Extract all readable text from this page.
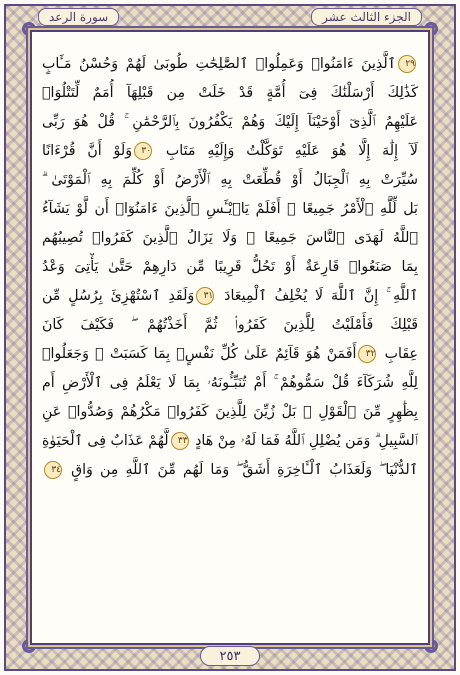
سورة الرعد	الجزء الثالث عشر
٢٩ٱلَّذِينَ ءَامَنُوا۟ وَعَمِلُوا۟ ٱلصَّٰلِحَٰتِ طُوبَىٰ لَهُمْ وَحُسْنُ مَـَٔابٍ
كَذَٰلِكَ أَرْسَلْنَٰكَ فِىٓ أُمَّةٍ قَدْ خَلَتْ مِن قَبْلِهَآ أُمَمٌ لِّتَتْلُوَا۟
عَلَيْهِمُ ٱلَّذِىٓ أَوْحَيْنَآ إِلَيْكَ وَهُمْ يَكْفُرُونَ بِٱلرَّحْمَٰنِ ۚ قُلْ هُوَ رَبِّى
لَآ إِلَٰهَ إِلَّا هُوَ عَلَيْهِ تَوَكَّلْتُ وَإِلَيْهِ مَتَابِ ٣٠وَلَوْ أَنَّ قُرْءَانًا
سُيِّرَتْ بِهِ ٱلْجِبَالُ أَوْ قُطِّعَتْ بِهِ ٱلْأَرْضُ أَوْ كُلِّمَ بِهِ ٱلْمَوْتَىٰ ۗ
بَل لِّلَّهِ ٱلْأَمْرُ جَمِيعًا ۗ أَفَلَمْ يَا۟يْـَٔسِ ٱلَّذِينَ ءَامَنُوٓا۟ أَن لَّوْ يَشَآءُ
ٱللَّهُ لَهَدَى ٱلنَّاسَ جَمِيعًا ۗ وَلَا يَزَالُ ٱلَّذِينَ كَفَرُوا۟ تُصِيبُهُم
بِمَا صَنَعُوا۟ قَارِعَةٌ أَوْ تَحُلُّ قَرِيبًا مِّن دَارِهِمْ حَتَّىٰ يَأْتِىَ وَعْدُ
ٱللَّهِ ۚ إِنَّ ٱللَّهَ لَا يُخْلِفُ ٱلْمِيعَادَ ٣١وَلَقَدِ ٱسْتُهْزِئَ بِرُسُلٍ مِّن
قَبْلِكَ فَأَمْلَيْتُ لِلَّذِينَ كَفَرُوا۟ ثُمَّ أَخَذْتُهُمْ ۖ فَكَيْفَ كَانَ
عِقَابِ ٣٢أَفَمَنْ هُوَ قَآئِمٌ عَلَىٰ كُلِّ نَفْسٍۭ بِمَا كَسَبَتْ ۗ وَجَعَلُوا۟
لِلَّهِ شُرَكَآءَ قُلْ سَمُّوهُمْ ۚ أَمْ تُنَبِّـُٔونَهُۥ بِمَا لَا يَعْلَمُ فِى ٱلْأَرْضِ أَم
بِظَٰهِرٍ مِّنَ ٱلْقَوْلِ ۗ بَلْ زُيِّنَ لِلَّذِينَ كَفَرُوا۟ مَكْرُهُمْ وَصُدُّوا۟ عَنِ
ٱلسَّبِيلِ ۗ وَمَن يُضْلِلِ ٱللَّهُ فَمَا لَهُۥ مِنْ هَادٍ ٣٣لَّهُمْ عَذَابٌ فِى ٱلْحَيَوٰةِ
ٱلدُّنْيَا ۖ وَلَعَذَابُ ٱلْـَٔاخِرَةِ أَشَقُّ ۖ وَمَا لَهُم مِّنَ ٱللَّهِ مِن وَاقٍ ٣٤
٢٥٣
